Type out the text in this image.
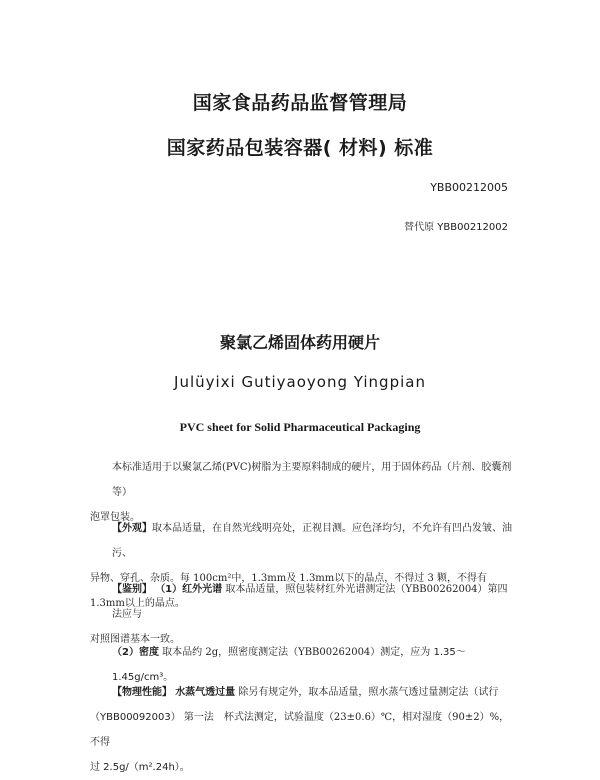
国家食品药品监督管理局
国家药品包装容器( 材料) 标准
YBB00212005
替代原 YBB00212002
聚氯乙烯固体药用硬片
Julüyixi Gutiyaoyong Yingpian
PVC sheet for Solid Pharmaceutical Packaging
本标准适用于以聚氯乙烯(PVC)树脂为主要原料制成的硬片，用于固体药品（片剂、胶囊剂等）
泡罩包装。
【外观】取本品适量，在自然光线明亮处，正视目测。应色泽均匀，不允许有凹凸发皱、油污、
异物、穿孔、杂质。每 100cm²中，1.3mm及 1.3mm以下的晶点，不得过 3 颗，不得有 1.3mm以上的晶点。
【鉴别】 （1）红外光谱 取本品适量，照包装材红外光谱测定法（YBB00262004）第四法应与
对照图谱基本一致。
（2）密度 取本品约 2g，照密度测定法（YBB00262004）测定，应为 1.35～1.45g/cm³。
【物理性能】 水蒸气透过量 除另有规定外，取本品适量，照水蒸气透过量测定法（试行
（YBB00092003） 第一法　杯式法测定，试验温度（23±0.6）℃，相对湿度（90±2）%，不得
过 2.5g/（m².24h）。
